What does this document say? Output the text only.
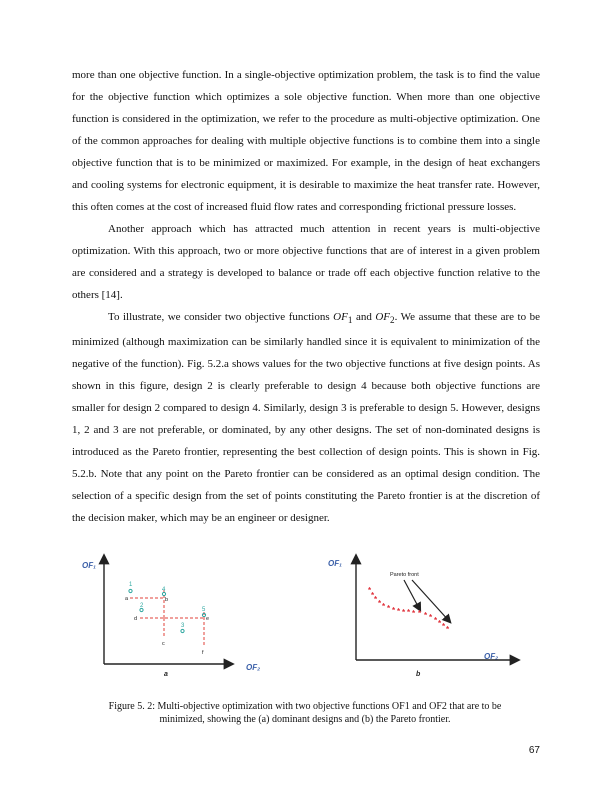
more than one objective function. In a single-objective optimization problem, the task is to find the value for the objective function which optimizes a sole objective function. When more than one objective function is considered in the optimization, we refer to the procedure as multi-objective optimization. One of the common approaches for dealing with multiple objective functions is to combine them into a single objective function that is to be minimized or maximized. For example, in the design of heat exchangers and cooling systems for electronic equipment, it is desirable to maximize the heat transfer rate. However, this often comes at the cost of increased fluid flow rates and corresponding frictional pressure losses.

Another approach which has attracted much attention in recent years is multi-objective optimization. With this approach, two or more objective functions that are of interest in a given problem are considered and a strategy is developed to balance or trade off each objective function relative to the others [14].

To illustrate, we consider two objective functions $OF_1$ and $OF_2$. We assume that these are to be minimized (although maximization can be similarly handled since it is equivalent to minimization of the negative of the function). Fig. 5.2.a shows values for the two objective functions at five design points. As shown in this figure, design 2 is clearly preferable to design 4 because both objective functions are smaller for design 2 compared to design 4. Similarly, design 3 is preferable to design 5. However, designs 1, 2 and 3 are not preferable, or dominated, by any other designs. The set of non-dominated designs is introduced as the Pareto frontier, representing the best collection of design points. This is shown in Fig. 5.2.b. Note that any point on the Pareto frontier can be considered as an optimal design condition. The selection of a specific design from the set of points constituting the Pareto frontier is at the discretion of the decision maker, which may be an engineer or designer.

OF₁
OF₂
a
1
2
3
4
5
a	b
c
d	e
f
OF₁
OF₂
b
Pareto front
*
* * * * * * * * * * * * * * * * *
Figure 5. 2: Multi-objective optimization with two objective functions OF1 and OF2 that are to be
minimized, showing the (a) dominant designs and (b) the Pareto frontier.
67
